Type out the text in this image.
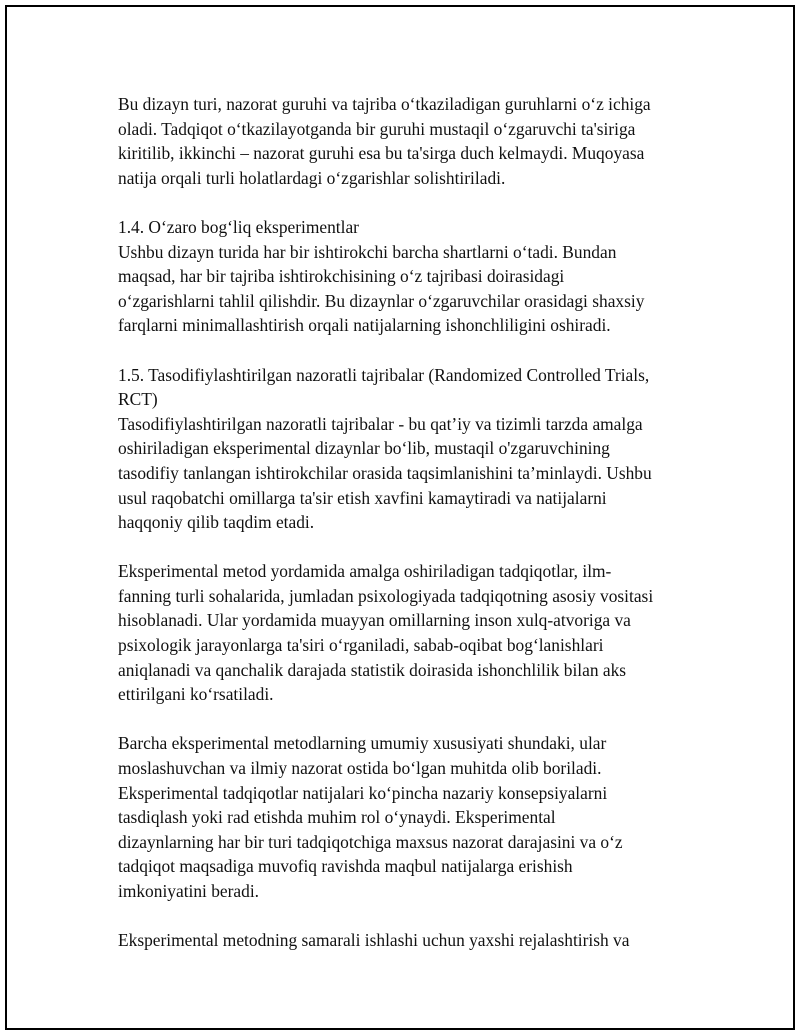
Bu dizayn turi, nazorat guruhi va tajriba o‘tkaziladigan guruhlarni o‘z ichiga
oladi. Tadqiqot o‘tkazilayotganda bir guruhi mustaqil o‘zgaruvchi ta'siriga
kiritilib, ikkinchi – nazorat guruhi esa bu ta'sirga duch kelmaydi. Muqoyasa
natija orqali turli holatlardagi o‘zgarishlar solishtiriladi.

1.4. O‘zaro bog‘liq eksperimentlar

Ushbu dizayn turida har bir ishtirokchi barcha shartlarni o‘tadi. Bundan
maqsad, har bir tajriba ishtirokchisining o‘z tajribasi doirasidagi
o‘zgarishlarni tahlil qilishdir. Bu dizaynlar o‘zgaruvchilar orasidagi shaxsiy
farqlarni minimallashtirish orqali natijalarning ishonchliligini oshiradi.

1.5. Tasodifiylashtirilgan nazoratli tajribalar (Randomized Controlled Trials,
RCT)

Tasodifiylashtirilgan nazoratli tajribalar - bu qat’iy va tizimli tarzda amalga
oshiriladigan eksperimental dizaynlar bo‘lib, mustaqil o'zgaruvchining
tasodifiy tanlangan ishtirokchilar orasida taqsimlanishini ta’minlaydi. Ushbu
usul raqobatchi omillarga ta'sir etish xavfini kamaytiradi va natijalarni
haqqoniy qilib taqdim etadi.

Eksperimental metod yordamida amalga oshiriladigan tadqiqotlar, ilm-
fanning turli sohalarida, jumladan psixologiyada tadqiqotning asosiy vositasi
hisoblanadi. Ular yordamida muayyan omillarning inson xulq-atvoriga va
psixologik jarayonlarga ta'siri o‘rganiladi, sabab-oqibat bog‘lanishlari
aniqlanadi va qanchalik darajada statistik doirasida ishonchlilik bilan aks
ettirilgani ko‘rsatiladi.

Barcha eksperimental metodlarning umumiy xususiyati shundaki, ular
moslashuvchan va ilmiy nazorat ostida bo‘lgan muhitda olib boriladi.
Eksperimental tadqiqotlar natijalari ko‘pincha nazariy konsepsiyalarni
tasdiqlash yoki rad etishda muhim rol o‘ynaydi. Eksperimental
dizaynlarning har bir turi tadqiqotchiga maxsus nazorat darajasini va o‘z
tadqiqot maqsadiga muvofiq ravishda maqbul natijalarga erishish
imkoniyatini beradi.

Eksperimental metodning samarali ishlashi uchun yaxshi rejalashtirish va
